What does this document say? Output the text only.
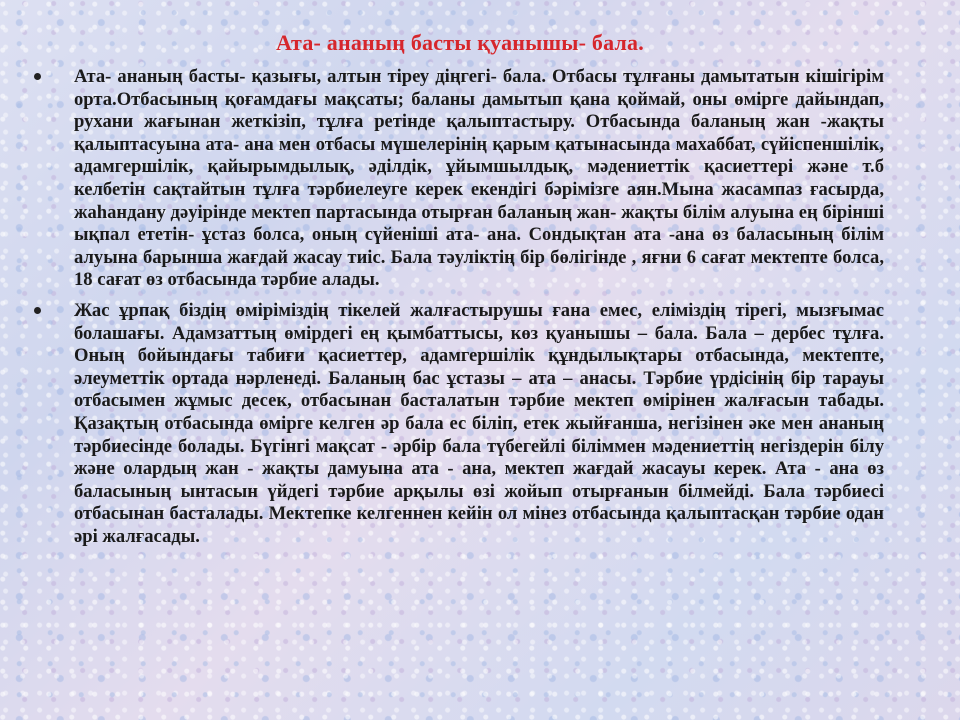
Ата- ананың басты қуанышы- бала.

Ата- ананың басты- қазығы, алтын тіреу діңгегі- бала. Отбасы тұлғаны дамытатын кішігірім орта.Отбасының қоғамдағы мақсаты; баланы дамытып қана қоймай, оны өмірге дайындап, рухани жағынан жеткізіп, тұлға ретінде қалыптастыру. Отбасында баланың жан -жақты қалыптасуына ата- ана мен отбасы мүшелерінің қарым қатынасында махаббат, сүйіспеншілік, адамгершілік, қайырымдылық, әділдік, ұйымшылдық, мәдениеттік қасиеттері және т.б келбетін сақтайтын тұлға тәрбиелеуге керек екендігі бәрімізге аян.Мына жасампаз ғасырда, жаһандану дәуірінде мектеп партасында отырған баланың жан- жақты білім алуына ең бірінші ықпал ететін- ұстаз болса, оның сүйеніші ата- ана. Сондықтан ата -ана өз баласының білім алуына барынша жағдай жасау тиіс. Бала тәуліктің бір бөлігінде , яғни 6 сағат мектепте болса, 18 сағат өз отбасында тәрбие алады.

Жас ұрпақ біздің өміріміздің тікелей жалғастырушы ғана емес, еліміздің тірегі, мызғымас болашағы. Адамзаттың өмірдегі ең қымбаттысы, көз қуанышы – бала. Бала – дербес тұлға. Оның бойындағы табиғи қасиеттер, адамгершілік құндылықтары отбасында, мектепте, әлеуметтік ортада нәрленеді. Баланың бас ұстазы – ата – анасы. Тәрбие үрдісінің бір тарауы отбасымен жұмыс десек, отбасынан басталатын тәрбие мектеп өмірінен жалғасын табады. Қазақтың отбасында өмірге келген әр бала ес біліп, етек жыйғанша, негізінен әке мен ананың тәрбиесінде болады. Бүгінгі мақсат - әрбір бала түбегейлі біліммен мәдениеттің негіздерін білу және олардың жан - жақты дамуына ата - ана, мектеп жағдай жасауы керек. Ата - ана өз баласының ынтасын үйдегі тәрбие арқылы өзі жойып отырғанын білмейді. Бала тәрбиесі отбасынан басталады. Мектепке келгеннен кейін ол мінез отбасында қалыптасқан тәрбие одан әрі жалғасады.
